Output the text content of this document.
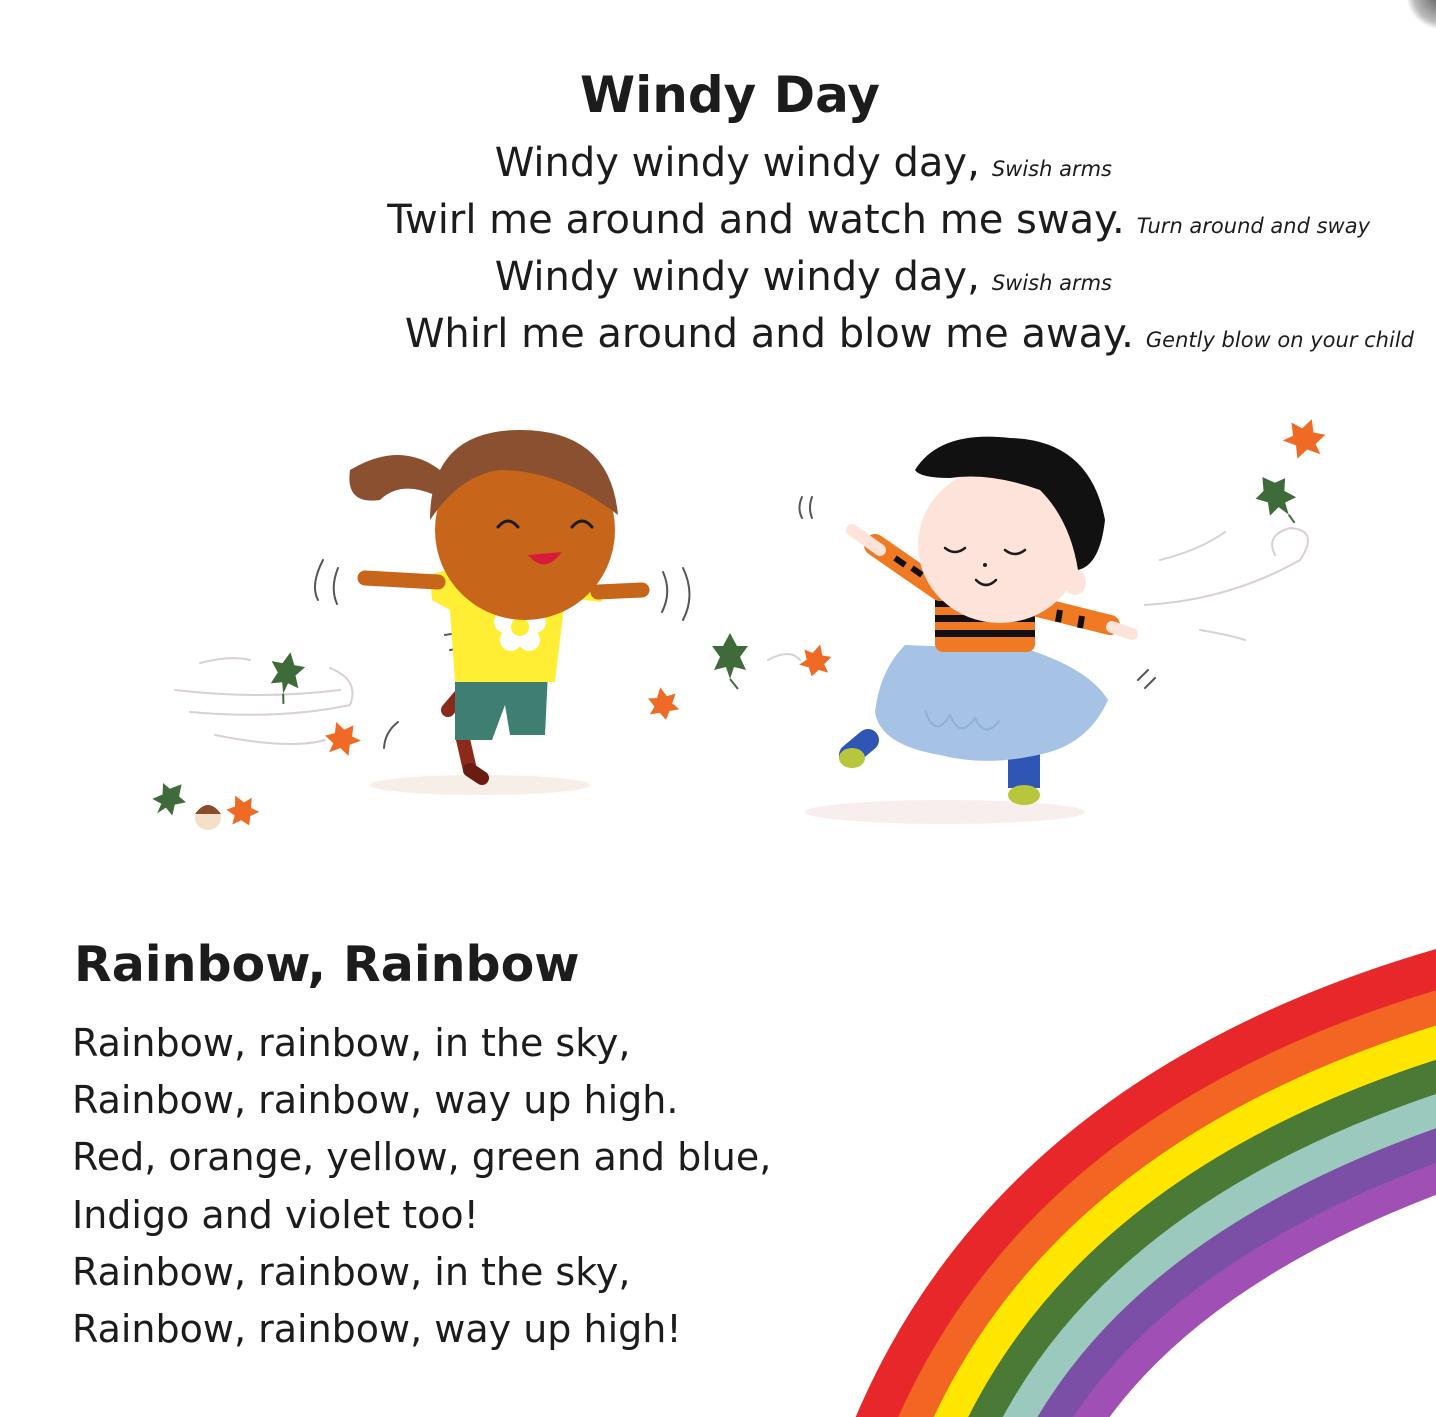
Windy Day
Windy windy windy day, Swish arms
Twirl me around and watch me sway. Turn around and sway
Windy windy windy day, Swish arms
Whirl me around and blow me away. Gently blow on your child
Rainbow, Rainbow
Rainbow, rainbow, in the sky,
Rainbow, rainbow, way up high.
Red, orange, yellow, green and blue,
Indigo and violet too!
Rainbow, rainbow, in the sky,
Rainbow, rainbow, way up high!
